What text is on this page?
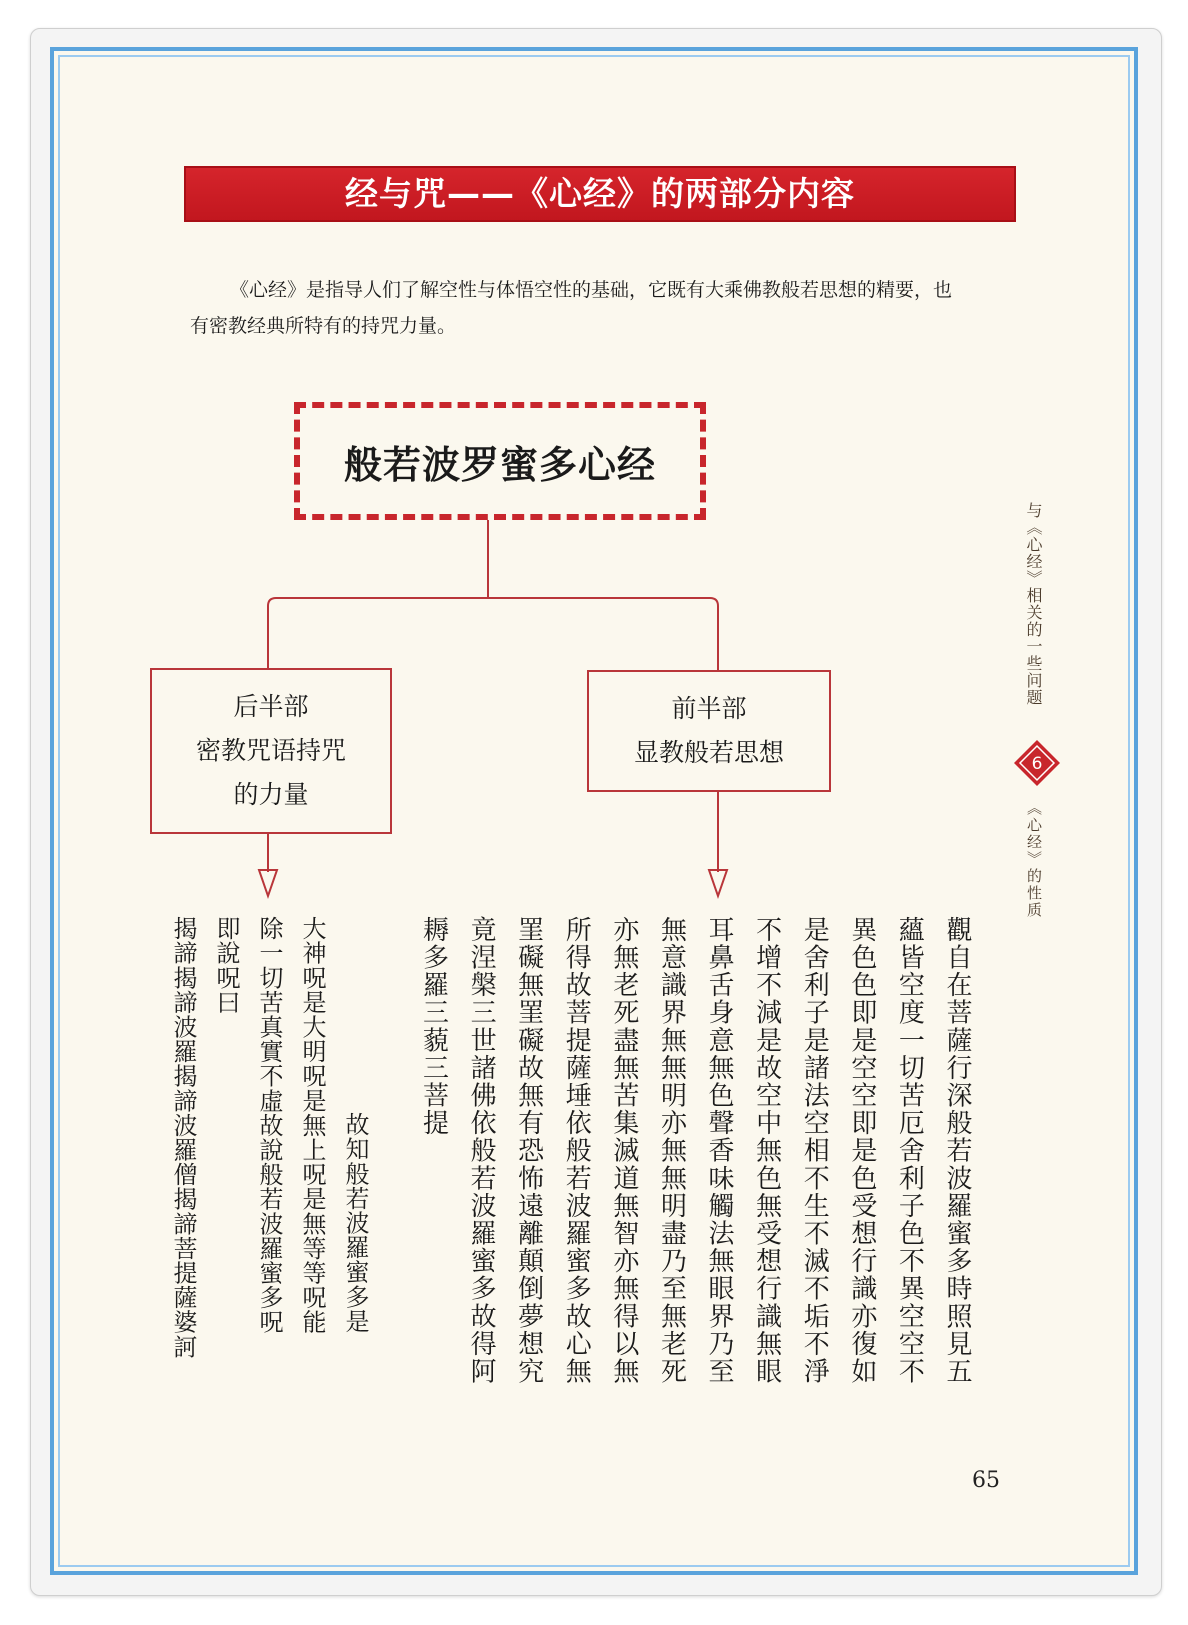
经与咒——《心经》的两部分内容
《心经》是指导人们了解空性与体悟空性的基础，它既有大乘佛教般若思想的精要，也有密教经典所特有的持咒力量。
般若波罗蜜多心经
后半部
密教咒语持咒
的力量
前半部
显教般若思想
觀自在菩薩行深般若波羅蜜多時照見五
蘊皆空度一切苦厄舍利子色不異空空不
異色色即是空空即是色受想行識亦復如
是舍利子是諸法空相不生不滅不垢不淨
不增不減是故空中無色無受想行識無眼
耳鼻舌身意無色聲香味觸法無眼界乃至
無意識界無無明亦無無明盡乃至無老死
亦無老死盡無苦集滅道無智亦無得以無
所得故菩提薩埵依般若波羅蜜多故心無
罣礙無罣礙故無有恐怖遠離顛倒夢想究
竟涅槃三世諸佛依般若波羅蜜多故得阿
耨多羅三藐三菩提
故知般若波羅蜜多是
大神呪是大明呪是無上呪是無等等呪能
除一切苦真實不虛故說般若波羅蜜多呪
即說呪曰
揭諦揭諦波羅揭諦波羅僧揭諦菩提薩婆訶
与《心经》相关的一些问题
6
《心经》的性质
65
